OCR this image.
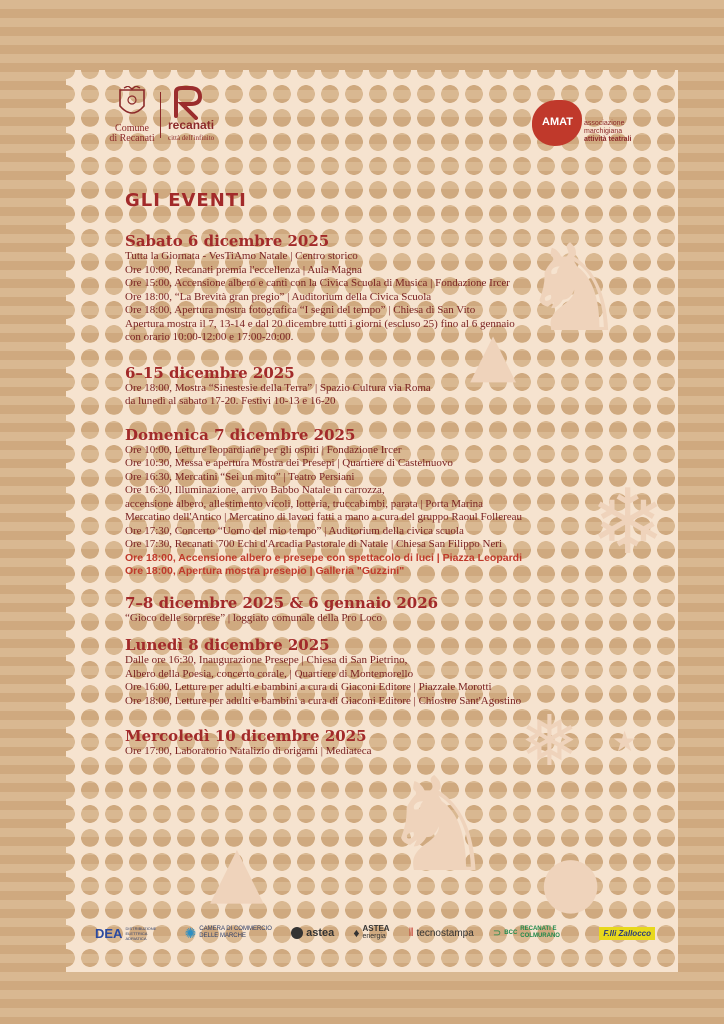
❄
❅ ★
▲
▲
♞
♞ ●
Comune
di Recanati
recanati
città dell'infinito
AMAT associazione
marchigiana
attività teatrali
GLI EVENTI
Sabato 6 dicembre 2025
Tutta la Giornata - VesTiAmo Natale | Centro storico
Ore 10:00, Recanati premia l'eccellenza | Aula Magna
Ore 15:00, Accensione albero e canti con la Civica Scuola di Musica | Fondazione Ircer
Ore 18:00, “La Brevità gran pregio” | Auditorium della Civica Scuola
Ore 18:00, Apertura mostra fotografica “I segni del tempo” | Chiesa di San Vito
Apertura mostra il 7, 13-14 e dal 20 dicembre tutti i giorni (escluso 25) fino al 6 gennaio
con orario 10:00-12:00 e 17:00-20:00.
6–15 dicembre 2025
Ore 18:00, Mostra “Sinestesie della Terra” | Spazio Cultura via Roma
da lunedì al sabato 17-20. Festivi 10-13 e 16-20
Domenica 7 dicembre 2025
Ore 10:00, Letture leopardiane per gli ospiti | Fondazione Ircer
Ore 10:30, Messa e apertura Mostra dei Presepi | Quartiere di Castelnuovo
Ore 16:30, Mercatini “Sei un mito” | Teatro Persiani
Ore 16:30, Illuminazione, arrivo Babbo Natale in carrozza,
accensione albero, allestimento vicoli, lotteria, truccabimbi, parata | Porta Marina
Mercatino dell'Antico | Mercatino di lavori fatti a mano a cura del gruppo Raoul Follereau
Ore 17:30, Concerto “Uomo del mio tempo” | Auditorium della civica scuola
Ore 17:30, Recanati '700 Echi d'Arcadia Pastorale di Natale | Chiesa San Filippo Neri
Ore 18:00, Accensione albero e presepe con spettacolo di luci | Piazza Leopardi
Ore 18:00, Apertura mostra presepio | Galleria "Guzzini"
7–8 dicembre 2025 & 6 gennaio 2026
“Gioco delle sorprese” | loggiato comunale della Pro Loco
Lunedì 8 dicembre 2025
Dalle ore 16:30, Inaugurazione Presepe | Chiesa di San Pietrino,
Albero della Poesia, concerto corale, | Quartiere di Montemorello
Ore 16:00, Letture per adulti e bambini a cura di Giaconi Editore | Piazzale Morotti
Ore 18:00, Letture per adulti e bambini a cura di Giaconi Editore | Chiostro Sant'Agostino
Mercoledì 10 dicembre 2025
Ore 17:00, Laboratorio Natalizio di origami | Mediateca
DEA DISTRIBUZIONE ELETTRICA ADRIATICA	✺ CAMERA DI COMMERCIO
DELLE MARCHE	astea ♦ ASTEA
energia	⦀ tecnostampa ⊃ BCC
RECANATI E COLMURANO	F.lli Zallocco
